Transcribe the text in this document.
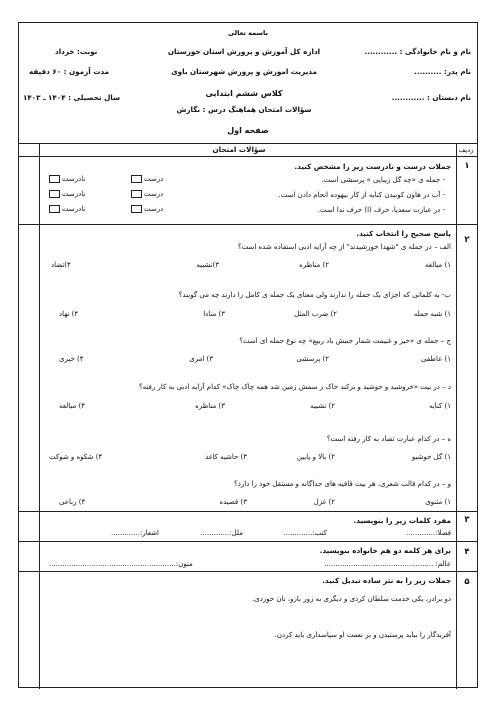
باسمه تعالی
نام و نام خانوادگی : ............
نام پدر: ..........
نام دبستان : ............
اداره کل آموزش و پرورش استان خوزستان
مدیریت اموزش و پرورش شهرستان باوی
کلاس ششم ابتدایی
سؤالات امتحان هماهنگ درس : نگارش
نوبت: خرداد
مدت آزمون : ۶۰ دقیقه
سال تحصیلی : ۱۴۰۴ ـ ۱۴۰۳
صفحه اول
ردیف
سؤالات امتحان
۱
جملات درست و نادرست زیر را مشخص کنید.
- جمله ی «چه گل زیبایی » پرسشی است.
- آب در هاون کوبیدن کنایه از کار بیهوده انجام دادن است.
- در عبارت سعدیا، حرف (ا) حرف ندا است.
درست
نادرست
درست
نادرست
درست
نادرست
۲
پاسخ صحیح را انتخاب کنید.
الف – در جمله ی "شهدا خورشیدند" از چه آرایه ادبی استفاده شده است؟
۱) مبالغه
۲) مناظره
۳)تشبیه
۴)تضاد
ب- به کلماتی که اجزای یک جمله را ندارند ولی معنای یک جمله ی کامل را دارند چه می گویند؟
۱) شبه جمله
۲) ضرب المثل
۳) منادا
۴) نهاد
ج – جمله ی «خیز و غنیمت شمار جنبش باد ربیع» چه نوع جمله ای است؟
۱) عاطفی
۲) پرسشی
۳) امری
۴) خبری
د – در بیت «خروشید و جوشید و برکند خاک ز سمش زمین شد همه چاک چاک» کدام آرایه ادبی به کار رفته؟
۱) کنایه
۲) تشبیه
۳) مناظره
۴) مبالغه
ه – در کدام عبارت تضاد به کار رفته است؟
۱) گل خوشبو
۲) بالا و پایین
۳) حاشیه کاغذ
۴) شکوه و شوکت
و – در کدام قالب شعری، هر بیت قافیه های جداگانه و مستقل خود را دارد؟
۱) مثنوی
۲) غزل
۳) قصیده
۴) رباعی
۳
مفرد کلمات زیر را بنویسید.
فضلا:.............
کتب:.............
ملل:.............
اشعار:.............
۴
برای هر کلمه دو هم خانواده بنویسید.
عالم: .................................................
متون:.........................................................
۵
جملات زیر را به نثر ساده تبدیل کنید.
دو برادر، یکی خدمت سلطان کردی و دیگری به زور بازو، نان خوردی.
آفریدگار را بباید پرستیدن و بر نعمت او سپاسداری باید کردن.
